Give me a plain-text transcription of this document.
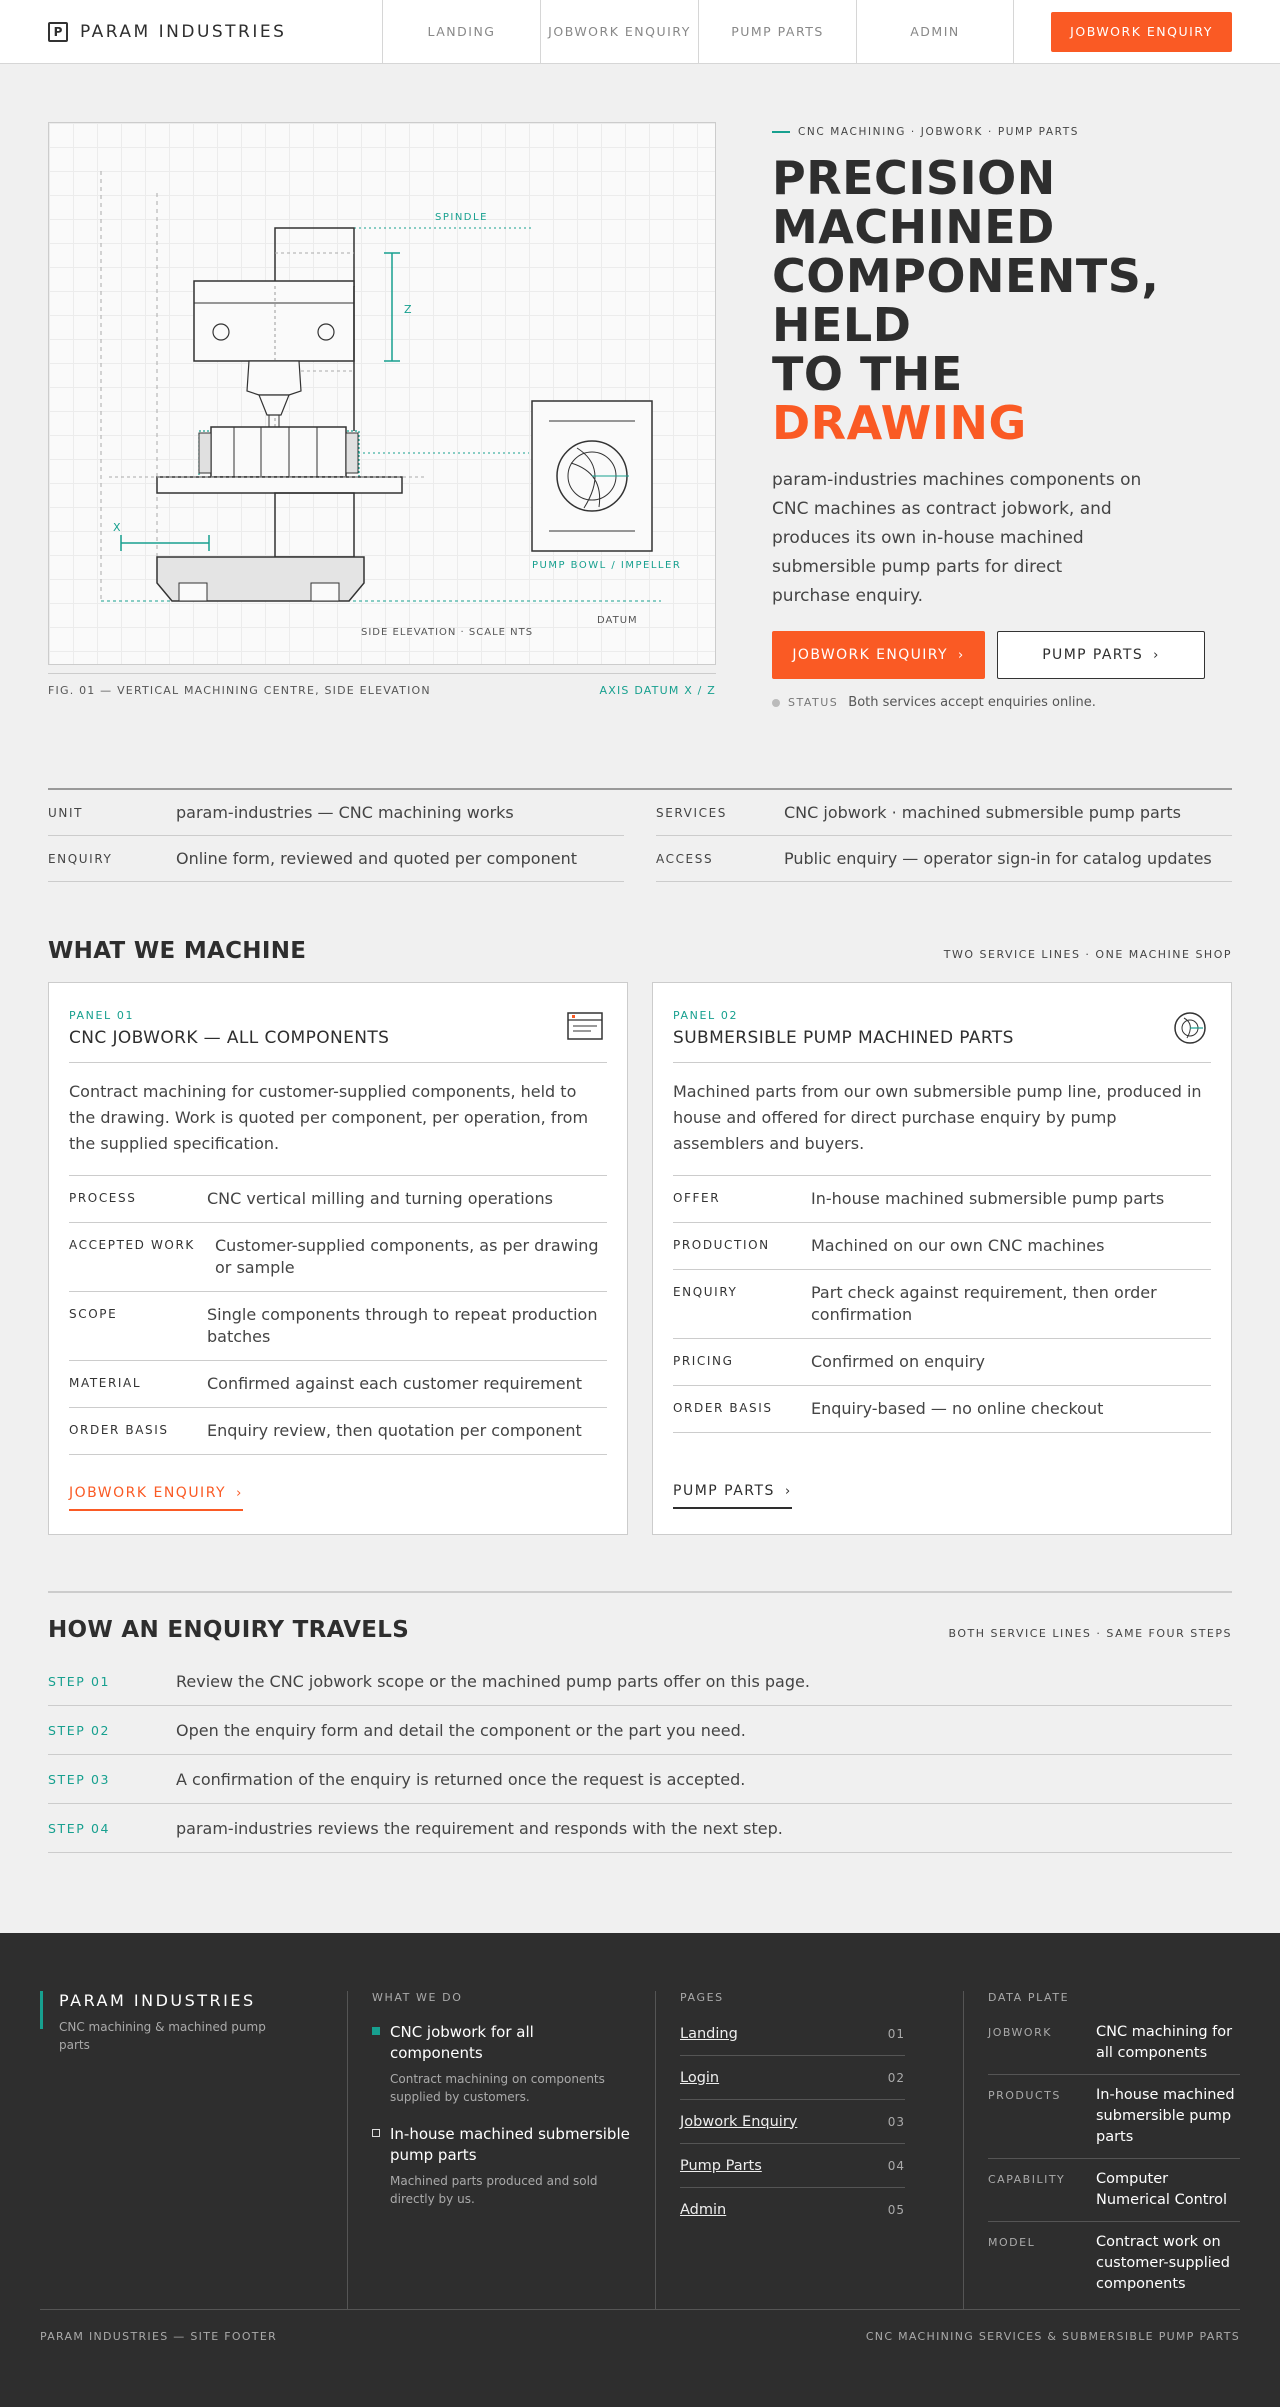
P	PARAM INDUSTRIES	LANDING	JOBWORK ENQUIRY	PUMP PARTS	ADMIN	JOBWORK ENQUIRY
SPINDLE
Z
X
PUMP BOWL / IMPELLER
SIDE ELEVATION · SCALE NTS
DATUM
FIG. 01 — VERTICAL MACHINING CENTRE, SIDE ELEVATION	AXIS DATUM X / Z
CNC MACHINING · JOBWORK · PUMP PARTS
PRECISION
MACHINED
COMPONENTS,
HELD
TO THE DRAWING

param-industries machines components on CNC machines as contract jobwork, and produces its own in-house machined submersible pump parts for direct purchase enquiry.

JOBWORK ENQUIRY ›	PUMP PARTS ›
STATUS Both services accept enquiries online.
UNIT	param-industries — CNC machining works
ENQUIRY	Online form, reviewed and quoted per component
SERVICES	CNC jobwork · machined submersible pump parts
ACCESS	Public enquiry — operator sign-in for catalog updates
WHAT WE MACHINE	TWO SERVICE LINES · ONE MACHINE SHOP
PANEL 01
CNC JOBWORK — ALL COMPONENTS

Contract machining for customer-supplied components, held to the drawing. Work is quoted per component, per operation, from the supplied specification.

PROCESS	CNC vertical milling and turning operations
ACCEPTED WORK	Customer-supplied components, as per drawing or sample
SCOPE	Single components through to repeat production batches
MATERIAL	Confirmed against each customer requirement
ORDER BASIS	Enquiry review, then quotation per component
JOBWORK ENQUIRY ›
PANEL 02
SUBMERSIBLE PUMP MACHINED PARTS

Machined parts from our own submersible pump line, produced in house and offered for direct purchase enquiry by pump assemblers and buyers.

OFFER	In-house machined submersible pump parts
PRODUCTION	Machined on our own CNC machines
ENQUIRY	Part check against requirement, then order confirmation
PRICING	Confirmed on enquiry
ORDER BASIS	Enquiry-based — no online checkout
PUMP PARTS ›
HOW AN ENQUIRY TRAVELS	BOTH SERVICE LINES · SAME FOUR STEPS
STEP 01	Review the CNC jobwork scope or the machined pump parts offer on this page.
STEP 02	Open the enquiry form and detail the component or the part you need.
STEP 03	A confirmation of the enquiry is returned once the request is accepted.
STEP 04	param-industries reviews the requirement and responds with the next step.
PARAM INDUSTRIES
CNC machining & machined pump parts
WHAT WE DO
CNC jobwork for all components
Contract machining on components supplied by customers.
In-house machined submersible pump parts
Machined parts produced and sold directly by us.
PAGES
Landing	01
Login	02
Jobwork Enquiry	03
Pump Parts	04
Admin	05
DATA PLATE
JOBWORK	CNC machining for all components
PRODUCTS	In-house machined submersible pump parts
CAPABILITY	Computer Numerical Control
MODEL	Contract work on customer-supplied components
PARAM INDUSTRIES — SITE FOOTER	CNC MACHINING SERVICES & SUBMERSIBLE PUMP PARTS
